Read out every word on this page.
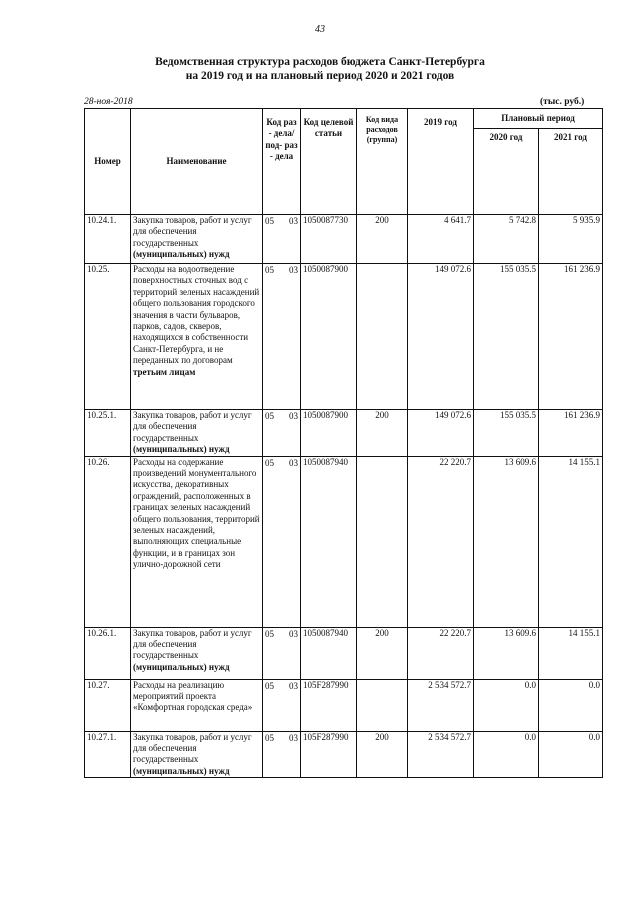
43
Ведомственная структура расходов бюджета Санкт-Петербурга
на 2019 год и на плановый период 2020 и 2021 годов
28-ноя-2018	(тыс. руб.)
Номер	Наименование	Код раз- дела/ под- раз- дела	Код целевой статьи	Код вида расходов (группа)	2019 год	Плановый период	
						2020 год	2021 год
10.24.1.	Закупка товаров, работ и услуг для обеспечения государственных (муниципальных) нужд	05 03	1050087730	200	4 641.7	5 742.8	5 935.9
10.25.	Расходы на водоотведение поверхностных сточных вод с территорий зеленых насаждений общего пользования городского значения в части бульваров, парков, садов, скверов, находящихся в собственности Санкт-Петербурга, и не переданных по договорам третьим лицам	05 03	1050087900		149 072.6	155 035.5	161 236.9
10.25.1.	Закупка товаров, работ и услуг для обеспечения государственных (муниципальных) нужд	05 03	1050087900	200	149 072.6	155 035.5	161 236.9
10.26.	Расходы на содержание произведений монументального искусства, декоративных ограждений, расположенных в границах зеленых насаждений общего пользования, территорий зеленых насаждений, выполняющих специальные функции, и в границах зон улично-дорожной сети	05 03	1050087940		22 220.7	13 609.6	14 155.1
10.26.1.	Закупка товаров, работ и услуг для обеспечения государственных (муниципальных) нужд	05 03	1050087940	200	22 220.7	13 609.6	14 155.1
10.27.	Расходы на реализацию мероприятий проекта «Комфортная городская среда»	05 03	105F287990		2 534 572.7	0.0	0.0
10.27.1.	Закупка товаров, работ и услуг для обеспечения государственных (муниципальных) нужд	05 03	105F287990	200	2 534 572.7	0.0	0.0
